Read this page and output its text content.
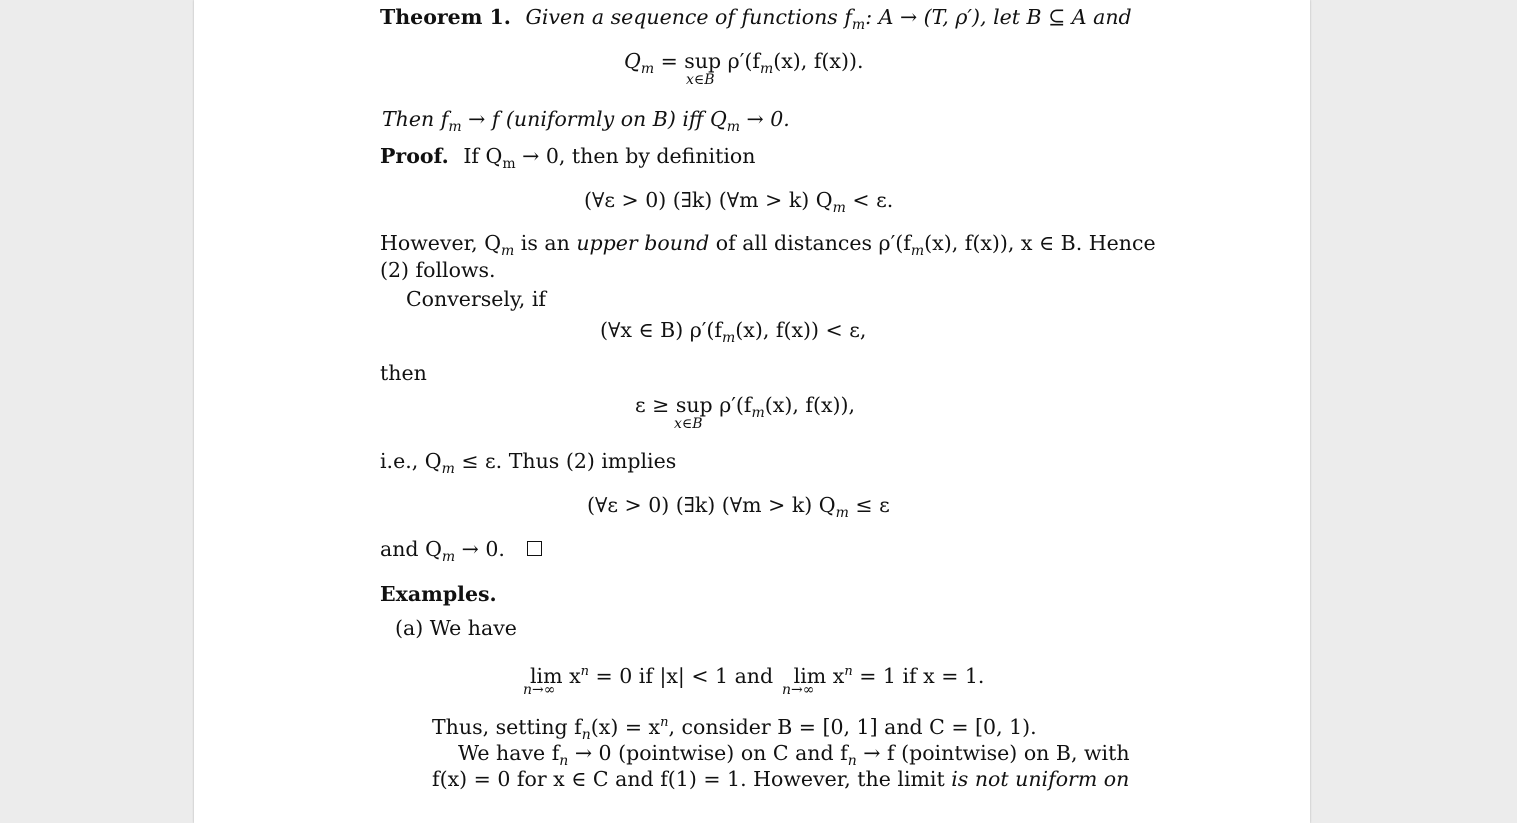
Theorem 1. Given a sequence of functions $f_m$: A → (T, ρ′), let B ⊆ A and
$Q_m$ = sup $\rho'(f_m(x)$, f(x)).
x∈B
Then $f_m \to f$ (uniformly on B) iff $Q_m \to 0$.
Proof. If $Q_m \to 0$, then by definition
(∀ε > 0) (∃k) (∀m > k) $Q_m < \varepsilon$.
However, $Q_m$ is an upper bound of all distances $\rho'(f_m(x)$, f(x)), x ∈ B. Hence
(2) follows.
Conversely, if
(∀x ∈ B) $\rho'(f_m(x)$, f(x)) < ε,
then
ε ≥ sup $\rho'(f_m(x)$, f(x)),
x∈B
i.e., $Q_m \le \varepsilon$. Thus (2) implies
(∀ε > 0) (∃k) (∀m > k) $Q_m \le \varepsilon$
and $Q_m \to 0$.
Examples.
(a) We have
$\lim x^n = 0$ if |x| < 1 and $\lim x^n = 1$ if x = 1.
n→∞	n→∞
Thus, setting $f_n(x) = x^n$, consider B = [0, 1] and C = [0, 1).
We have $f_n \to 0$ (pointwise) on C and $f_n \to f$ (pointwise) on B, with
f(x) = 0 for x ∈ C and f(1) = 1. However, the limit is not uniform on
